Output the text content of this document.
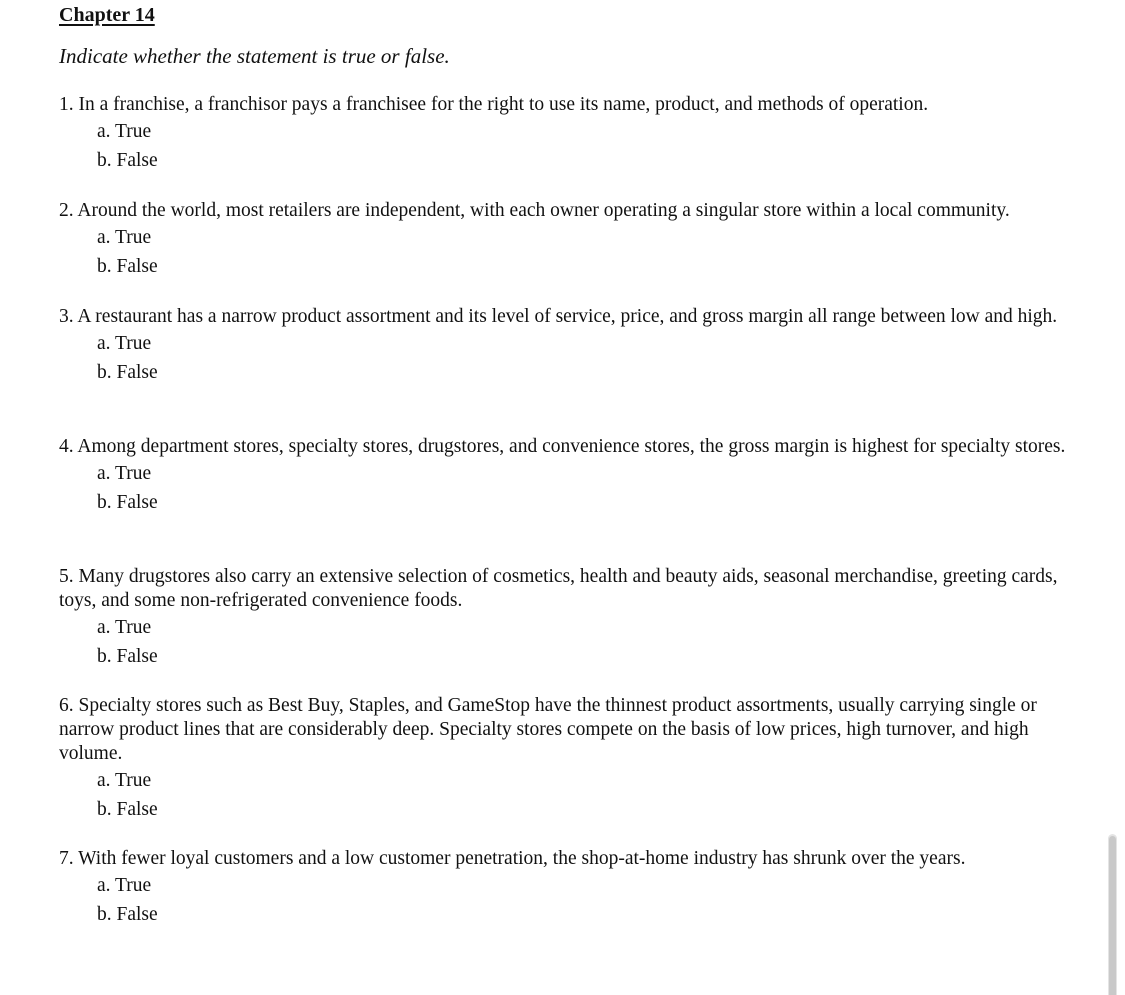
Chapter 14
Indicate whether the statement is true or false.
1. In a franchise, a franchisor pays a franchisee for the right to use its name, product, and methods of operation.
a. True
b. False
2. Around the world, most retailers are independent, with each owner operating a singular store within a local community.
a. True
b. False
3. A restaurant has a narrow product assortment and its level of service, price, and gross margin all range between low and high.
a. True
b. False
4. Among department stores, specialty stores, drugstores, and convenience stores, the gross margin is highest for specialty stores.
a. True
b. False
5. Many drugstores also carry an extensive selection of cosmetics, health and beauty aids, seasonal merchandise, greeting cards, toys, and some non-refrigerated convenience foods.
a. True
b. False
6. Specialty stores such as Best Buy, Staples, and GameStop have the thinnest product assortments, usually carrying single or narrow product lines that are considerably deep. Specialty stores compete on the basis of low prices, high turnover, and high volume.
a. True
b. False
7. With fewer loyal customers and a low customer penetration, the shop-at-home industry has shrunk over the years.
a. True
b. False
